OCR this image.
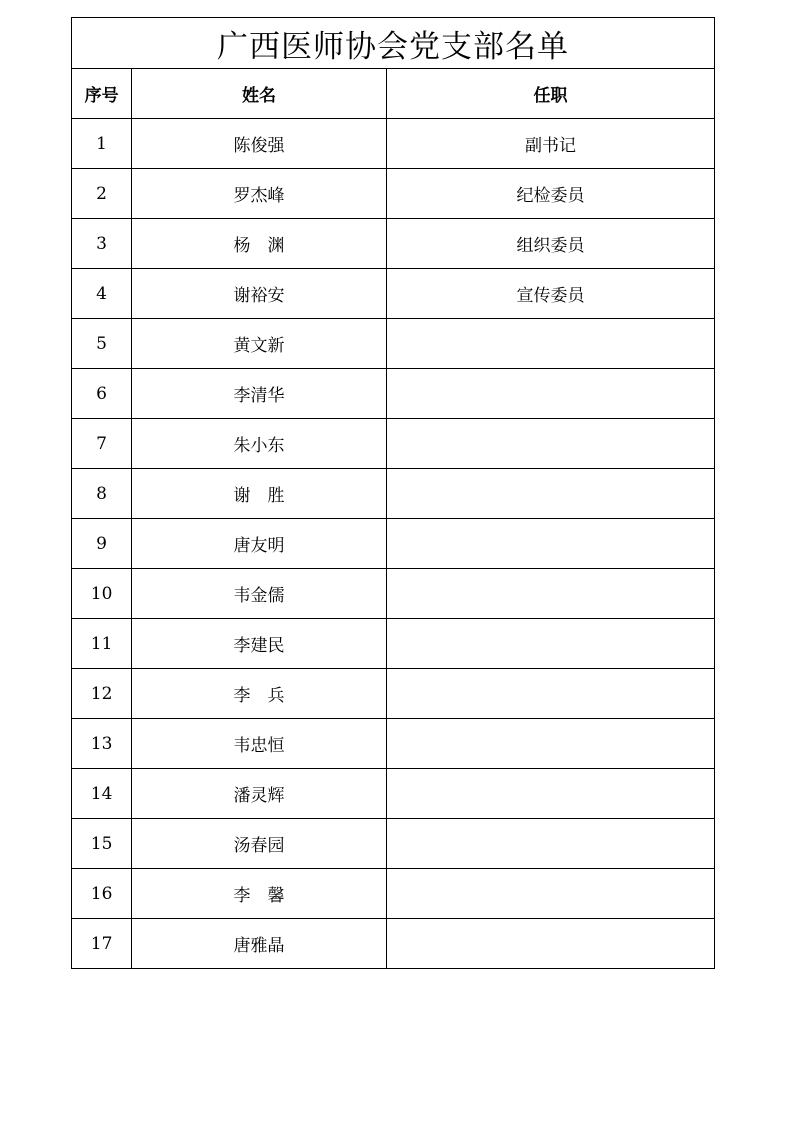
广西医师协会党支部名单		
序号	姓名	任职
1	陈俊强	副书记
2	罗杰峰	纪检委员
3	杨　渊	组织委员
4	谢裕安	宣传委员
5	黄文新	
6	李清华	
7	朱小东	
8	谢　胜	
9	唐友明	
10	韦金儒	
11	李建民	
12	李　兵	
13	韦忠恒	
14	潘灵辉	
15	汤春园	
16	李　馨	
17	唐雅晶	
